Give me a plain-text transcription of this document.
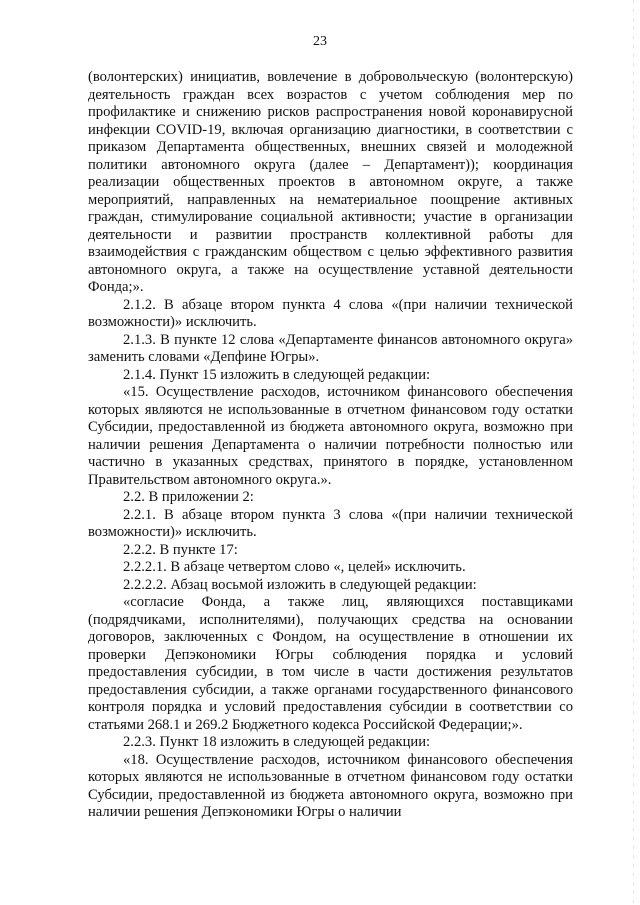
23

(волонтерских) инициатив, вовлечение в добровольческую (волонтерскую) деятельность граждан всех возрастов с учетом соблюдения мер по профилактике и снижению рисков распространения новой коронавирусной инфекции COVID-19, включая организацию диагностики, в соответствии с приказом Департамента общественных, внешних связей и молодежной политики автономного округа (далее – Департамент)); координация реализации общественных проектов в автономном округе, а также мероприятий, направленных на нематериальное поощрение активных граждан, стимулирование социальной активности; участие в организации деятельности и развитии пространств коллективной работы для взаимодействия с гражданским обществом с целью эффективного развития автономного округа, а также на осуществление уставной деятельности Фонда;».

2.1.2. В абзаце втором пункта 4 слова «(при наличии технической возможности)» исключить.

2.1.3. В пункте 12 слова «Департаменте финансов автономного округа» заменить словами «Депфине Югры».

2.1.4. Пункт 15 изложить в следующей редакции:

«15. Осуществление расходов, источником финансового обеспечения которых являются не использованные в отчетном финансовом году остатки Субсидии, предоставленной из бюджета автономного округа, возможно при наличии решения Департамента о наличии потребности полностью или частично в указанных средствах, принятого в порядке, установленном Правительством автономного округа.».

2.2. В приложении 2:

2.2.1. В абзаце втором пункта 3 слова «(при наличии технической возможности)» исключить.

2.2.2. В пункте 17:

2.2.2.1. В абзаце четвертом слово «, целей» исключить.

2.2.2.2. Абзац восьмой изложить в следующей редакции:

«согласие Фонда, а также лиц, являющихся поставщиками (подрядчиками, исполнителями), получающих средства на основании договоров, заключенных с Фондом, на осуществление в отношении их проверки Депэкономики Югры соблюдения порядка и условий предоставления субсидии, в том числе в части достижения результатов предоставления субсидии, а также органами государственного финансового контроля порядка и условий предоставления субсидии в соответствии со статьями 268.1 и 269.2 Бюджетного кодекса Российской Федерации;».

2.2.3. Пункт 18 изложить в следующей редакции:

«18. Осуществление расходов, источником финансового обеспечения которых являются не использованные в отчетном финансовом году остатки Субсидии, предоставленной из бюджета автономного округа, возможно при наличии решения Депэкономики Югры о наличии
